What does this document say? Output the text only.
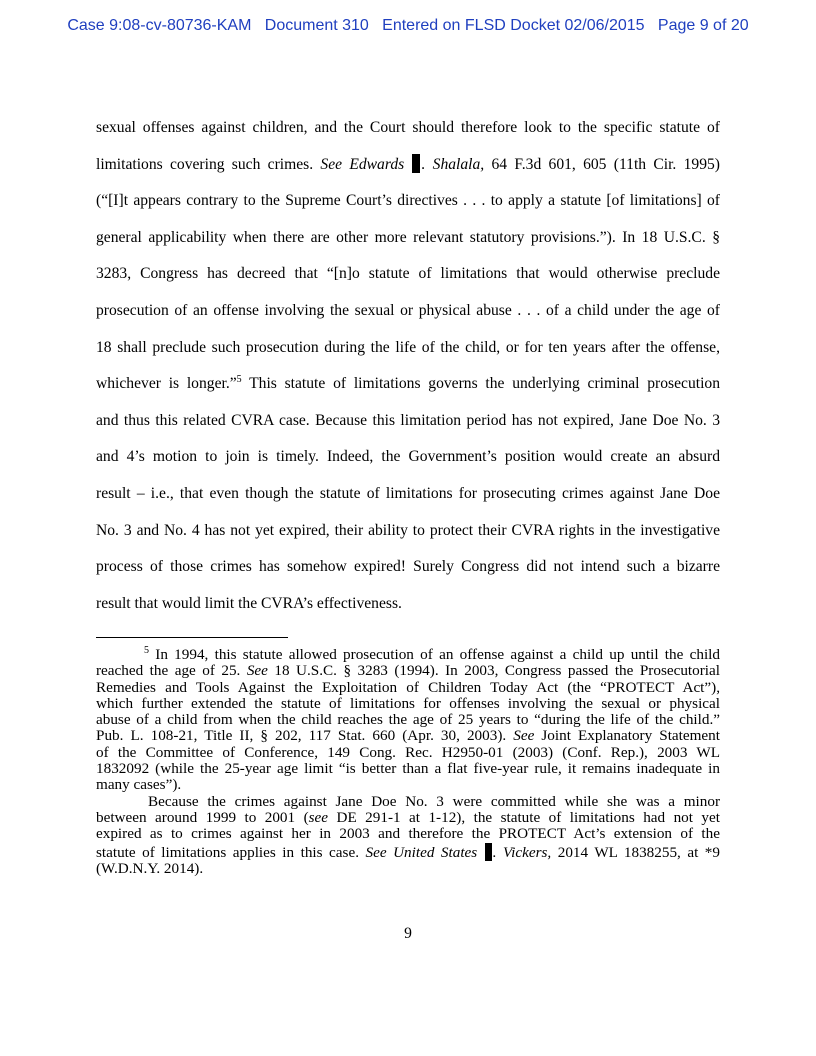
Case 9:08-cv-80736-KAM   Document 310   Entered on FLSD Docket 02/06/2015   Page 9 of 20
sexual offenses against children, and the Court should therefore look to the specific statute of
limitations covering such crimes. See Edwards . Shalala, 64 F.3d 601, 605 (11th Cir. 1995)
(“[I]t appears contrary to the Supreme Court’s directives . . . to apply a statute [of limitations] of
general applicability when there are other more relevant statutory provisions.”). In 18 U.S.C. §
3283, Congress has decreed that “[n]o statute of limitations that would otherwise preclude
prosecution of an offense involving the sexual or physical abuse . . . of a child under the age of
18 shall preclude such prosecution during the life of the child, or for ten years after the offense,
whichever is longer.”$^5$ This statute of limitations governs the underlying criminal prosecution
and thus this related CVRA case. Because this limitation period has not expired, Jane Doe No. 3
and 4’s motion to join is timely. Indeed, the Government’s position would create an absurd
result – i.e., that even though the statute of limitations for prosecuting crimes against Jane Doe
No. 3 and No. 4 has not yet expired, their ability to protect their CVRA rights in the investigative
process of those crimes has somehow expired! Surely Congress did not intend such a bizarre
result that would limit the CVRA’s effectiveness.
$^5$ In 1994, this statute allowed prosecution of an offense against a child up until the child
reached the age of 25. See 18 U.S.C. § 3283 (1994). In 2003, Congress passed the Prosecutorial
Remedies and Tools Against the Exploitation of Children Today Act (the “PROTECT Act”),
which further extended the statute of limitations for offenses involving the sexual or physical
abuse of a child from when the child reaches the age of 25 years to “during the life of the child.”
Pub. L. 108-21, Title II, § 202, 117 Stat. 660 (Apr. 30, 2003). See Joint Explanatory Statement
of the Committee of Conference, 149 Cong. Rec. H2950-01 (2003) (Conf. Rep.), 2003 WL
1832092 (while the 25-year age limit “is better than a flat five-year rule, it remains inadequate in
many cases”).
Because the crimes against Jane Doe No. 3 were committed while she was a minor
between around 1999 to 2001 (see DE 291-1 at 1-12), the statute of limitations had not yet
expired as to crimes against her in 2003 and therefore the PROTECT Act’s extension of the
statute of limitations applies in this case. See United States . Vickers, 2014 WL 1838255, at *9
(W.D.N.Y. 2014).
9
